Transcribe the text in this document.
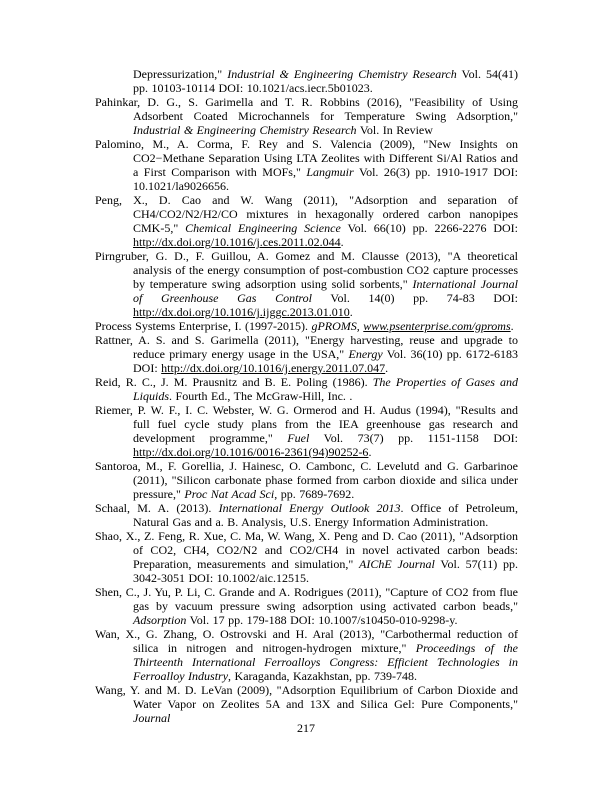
Depressurization," Industrial & Engineering Chemistry Research Vol. 54(41) pp. 10103-10114 DOI: 10.1021/acs.iecr.5b01023.

Pahinkar, D. G., S. Garimella and T. R. Robbins (2016), "Feasibility of Using Adsorbent Coated Microchannels for Temperature Swing Adsorption," Industrial & Engineering Chemistry Research Vol. In Review

Palomino, M., A. Corma, F. Rey and S. Valencia (2009), "New Insights on CO2−Methane Separation Using LTA Zeolites with Different Si/Al Ratios and a First Comparison with MOFs," Langmuir Vol. 26(3) pp. 1910-1917 DOI: 10.1021/la9026656.

Peng, X., D. Cao and W. Wang (2011), "Adsorption and separation of CH4/CO2/N2/H2/CO mixtures in hexagonally ordered carbon nanopipes CMK-5," Chemical Engineering Science Vol. 66(10) pp. 2266-2276 DOI: http://dx.doi.org/10.1016/j.ces.2011.02.044.

Pirngruber, G. D., F. Guillou, A. Gomez and M. Clausse (2013), "A theoretical analysis of the energy consumption of post-combustion CO2 capture processes by temperature swing adsorption using solid sorbents," International Journal of Greenhouse Gas Control Vol. 14(0) pp. 74-83 DOI: http://dx.doi.org/10.1016/j.ijggc.2013.01.010.

Process Systems Enterprise, I. (1997-2015). gPROMS, www.psenterprise.com/gproms.

Rattner, A. S. and S. Garimella (2011), "Energy harvesting, reuse and upgrade to reduce primary energy usage in the USA," Energy Vol. 36(10) pp. 6172-6183 DOI: http://dx.doi.org/10.1016/j.energy.2011.07.047.

Reid, R. C., J. M. Prausnitz and B. E. Poling (1986). The Properties of Gases and Liquids. Fourth Ed., The McGraw-Hill, Inc. .

Riemer, P. W. F., I. C. Webster, W. G. Ormerod and H. Audus (1994), "Results and full fuel cycle study plans from the IEA greenhouse gas research and development programme," Fuel Vol. 73(7) pp. 1151-1158 DOI: http://dx.doi.org/10.1016/0016-2361(94)90252-6.

Santoroa, M., F. Gorellia, J. Hainesc, O. Cambonc, C. Levelutd and G. Garbarinoe (2011), "Silicon carbonate phase formed from carbon dioxide and silica under pressure," Proc Nat Acad Sci, pp. 7689-7692.

Schaal, M. A. (2013). International Energy Outlook 2013. Office of Petroleum, Natural Gas and a. B. Analysis, U.S. Energy Information Administration.

Shao, X., Z. Feng, R. Xue, C. Ma, W. Wang, X. Peng and D. Cao (2011), "Adsorption of CO2, CH4, CO2/N2 and CO2/CH4 in novel activated carbon beads: Preparation, measurements and simulation," AIChE Journal Vol. 57(11) pp. 3042-3051 DOI: 10.1002/aic.12515.

Shen, C., J. Yu, P. Li, C. Grande and A. Rodrigues (2011), "Capture of CO2 from flue gas by vacuum pressure swing adsorption using activated carbon beads," Adsorption Vol. 17 pp. 179-188 DOI: 10.1007/s10450-010-9298-y.

Wan, X., G. Zhang, O. Ostrovski and H. Aral (2013), "Carbothermal reduction of silica in nitrogen and nitrogen-hydrogen mixture," Proceedings of the Thirteenth International Ferroalloys Congress: Efficient Technologies in Ferroalloy Industry, Karaganda, Kazakhstan, pp. 739-748.

Wang, Y. and M. D. LeVan (2009), "Adsorption Equilibrium of Carbon Dioxide and Water Vapor on Zeolites 5A and 13X and Silica Gel: Pure Components," Journal

217
